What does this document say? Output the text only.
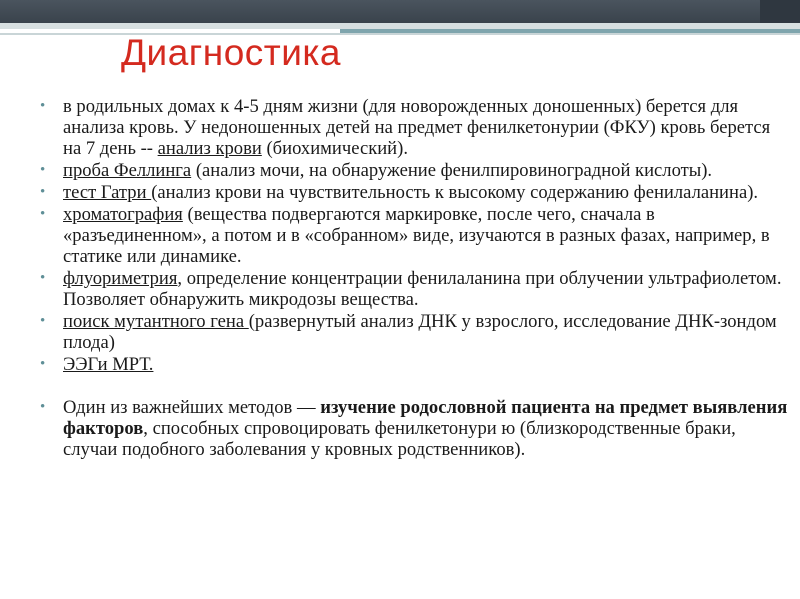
Диагностика
• в родильных домах к 4-5 дням жизни (для новорожденных доношенных) берется для анализа кровь. У недоношенных детей на предмет фенилкетонурии (ФКУ) кровь берется на 7 день -- анализ крови (биохимический).
• проба Феллинга (анализ мочи, на обнаружение фенилпировиноградной кислоты).
• тест Гатри (анализ крови на чувствительность к высокому содержанию фенилаланина).
• хроматография (вещества подвергаются маркировке, после чего, сначала в «разъединенном», а потом и в «собранном» виде, изучаются в разных фазах, например, в статике или динамике.
• флуориметрия, определение концентрации фенилаланина при облучении ультрафиолетом. Позволяет обнаружить микродозы вещества.
• поиск мутантного гена (развернутый анализ ДНК у взрослого, исследование ДНК-зондом плода)
• ЭЭГи МРТ.
• Один из важнейших методов — изучение родословной пациента на предмет выявления факторов, способных спровоцировать фенилкетонури ю (близкородственные браки, случаи подобного заболевания у кровных родственников).
